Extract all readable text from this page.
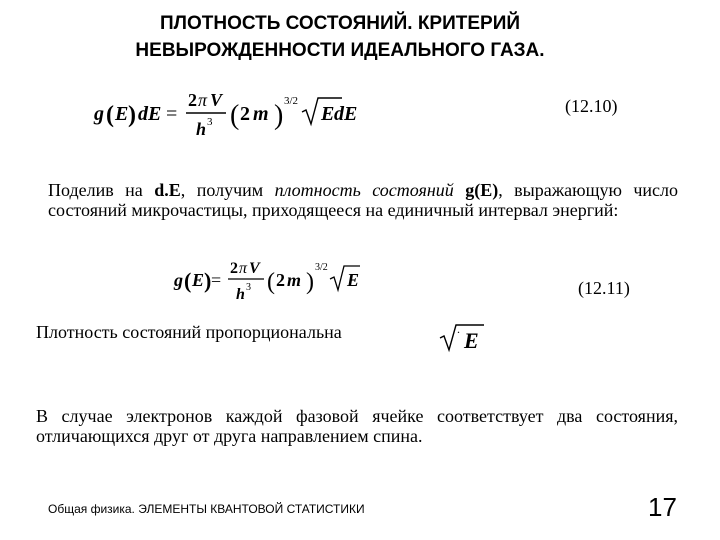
ПЛОТНОСТЬ СОСТОЯНИЙ. КРИТЕРИЙ
НЕВЫРОЖДЕННОСТИ ИДЕАЛЬНОГО ГАЗА.
g ( E ) dE =
2 π V
h 3 ( 2 m ) 3/2
E dE	(12.10)
Поделив на d.E, получим плотность состояний g(E), выражающую число состояний микрочастицы, приходящееся на единичный интервал энергий:
g ( E ) =
2 π V
h 3 ( 2 m )
3/2
E	(12.11)
Плотность состояний пропорциональна	. E
В случае электронов каждой фазовой ячейке соответствует два состояния, отличающихся друг от друга направлением спина.
Общая физика. ЭЛЕМЕНТЫ КВАНТОВОЙ СТАТИСТИКИ	17
